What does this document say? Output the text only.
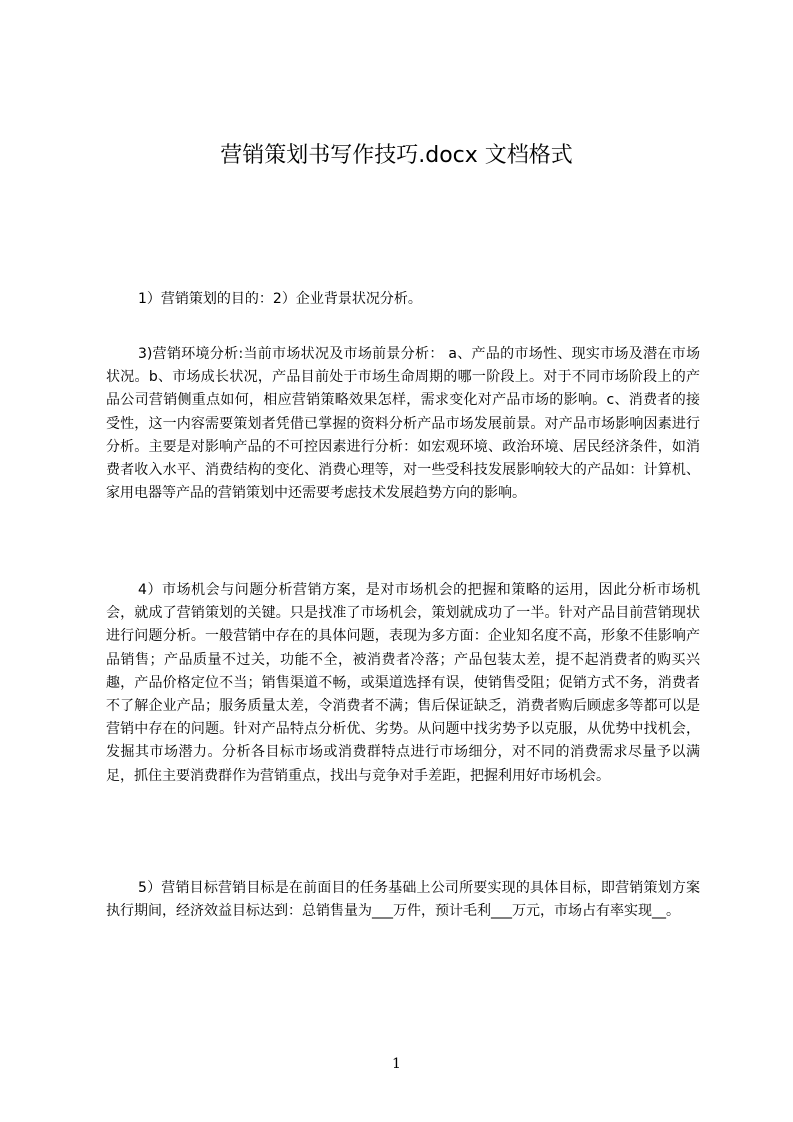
营销策划书写作技巧.docx 文档格式

1）营销策划的目的：2）企业背景状况分析。

3)营销环境分析:当前市场状况及市场前景分析： a、产品的市场性、现实市场及潜在市场状况。b、市场成长状况，产品目前处于市场生命周期的哪一阶段上。对于不同市场阶段上的产品公司营销侧重点如何，相应营销策略效果怎样，需求变化对产品市场的影响。c、消费者的接受性，这一内容需要策划者凭借已掌握的资料分析产品市场发展前景。对产品市场影响因素进行分析。主要是对影响产品的不可控因素进行分析：如宏观环境、政治环境、居民经济条件，如消费者收入水平、消费结构的变化、消费心理等，对一些受科技发展影响较大的产品如：计算机、家用电器等产品的营销策划中还需要考虑技术发展趋势方向的影响。

4）市场机会与问题分析营销方案，是对市场机会的把握和策略的运用，因此分析市场机会，就成了营销策划的关键。只是找准了市场机会，策划就成功了一半。针对产品目前营销现状进行问题分析。一般营销中存在的具体问题，表现为多方面：企业知名度不高，形象不佳影响产品销售；产品质量不过关，功能不全，被消费者冷落；产品包装太差，提不起消费者的购买兴趣，产品价格定位不当；销售渠道不畅，或渠道选择有误，使销售受阻；促销方式不务，消费者不了解企业产品；服务质量太差，令消费者不满；售后保证缺乏，消费者购后顾虑多等都可以是营销中存在的问题。针对产品特点分析优、劣势。从问题中找劣势予以克服，从优势中找机会，发掘其市场潜力。分析各目标市场或消费群特点进行市场细分，对不同的消费需求尽量予以满足，抓住主要消费群作为营销重点，找出与竞争对手差距，把握利用好市场机会。

5）营销目标营销目标是在前面目的任务基础上公司所要实现的具体目标，即营销策划方案执行期间，经济效益目标达到：总销售量为___万件，预计毛利___万元，市场占有率实现__。

1
